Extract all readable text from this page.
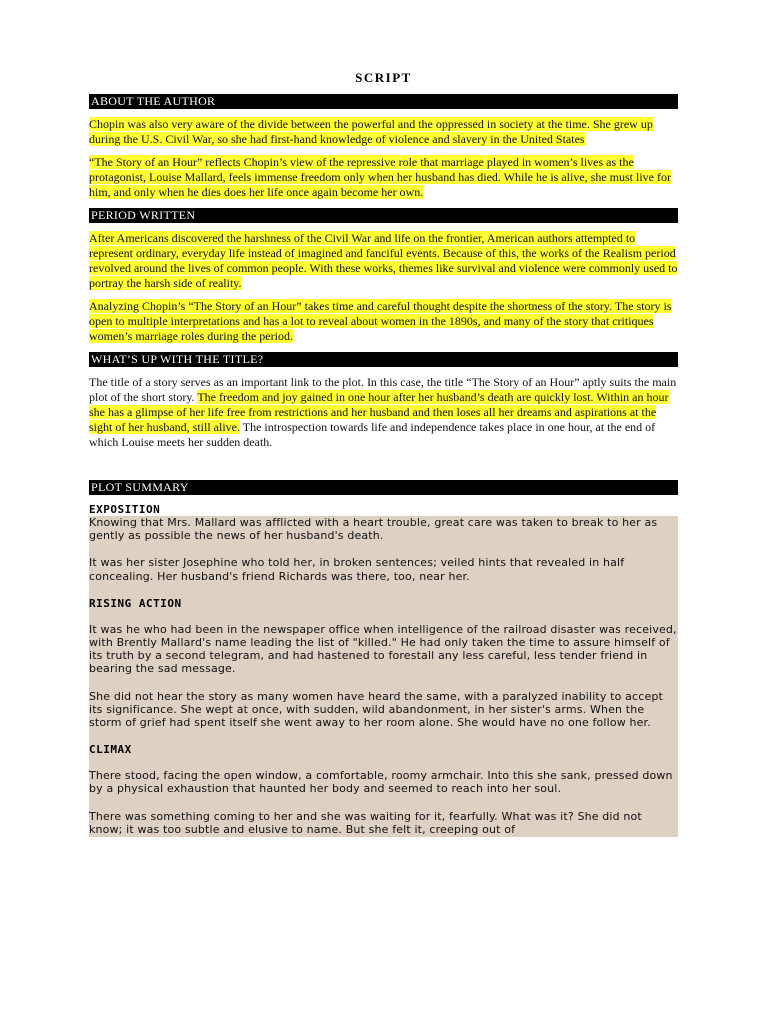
SCRIPT
ABOUT THE AUTHOR

Chopin was also very aware of the divide between the powerful and the oppressed in society at the time. She grew up during the U.S. Civil War, so she had first-hand knowledge of violence and slavery in the United States

“The Story of an Hour” reflects Chopin’s view of the repressive role that marriage played in women’s lives as the protagonist, Louise Mallard, feels immense freedom only when her husband has died. While he is alive, she must live for him, and only when he dies does her life once again become her own.

PERIOD WRITTEN

After Americans discovered the harshness of the Civil War and life on the frontier, American authors attempted to represent ordinary, everyday life instead of imagined and fanciful events. Because of this, the works of the Realism period revolved around the lives of common people. With these works, themes like survival and violence were commonly used to portray the harsh side of reality.

Analyzing Chopin’s “The Story of an Hour” takes time and careful thought despite the shortness of the story. The story is open to multiple interpretations and has a lot to reveal about women in the 1890s, and many of the story that critiques women’s marriage roles during the period.

WHAT’S UP WITH THE TITLE?

The title of a story serves as an important link to the plot. In this case, the title “The Story of an Hour” aptly suits the main plot of the short story. The freedom and joy gained in one hour after her husband’s death are quickly lost. Within an hour she has a glimpse of her life free from restrictions and her husband and then loses all her dreams and aspirations at the sight of her husband, still alive. The introspection towards life and independence takes place in one hour, at the end of which Louise meets her sudden death.

PLOT SUMMARY
EXPOSITION

Knowing that Mrs. Mallard was afflicted with a heart trouble, great care was taken to break to her as gently as possible the news of her husband's death.

It was her sister Josephine who told her, in broken sentences; veiled hints that revealed in half concealing. Her husband's friend Richards was there, too, near her.

RISING ACTION

It was he who had been in the newspaper office when intelligence of the railroad disaster was received, with Brently Mallard's name leading the list of "killed." He had only taken the time to assure himself of its truth by a second telegram, and had hastened to forestall any less careful, less tender friend in bearing the sad message.

She did not hear the story as many women have heard the same, with a paralyzed inability to accept its significance. She wept at once, with sudden, wild abandonment, in her sister's arms. When the storm of grief had spent itself she went away to her room alone. She would have no one follow her.

CLIMAX

There stood, facing the open window, a comfortable, roomy armchair. Into this she sank, pressed down by a physical exhaustion that haunted her body and seemed to reach into her soul.

There was something coming to her and she was waiting for it, fearfully. What was it? She did not know; it was too subtle and elusive to name. But she felt it, creeping out of
